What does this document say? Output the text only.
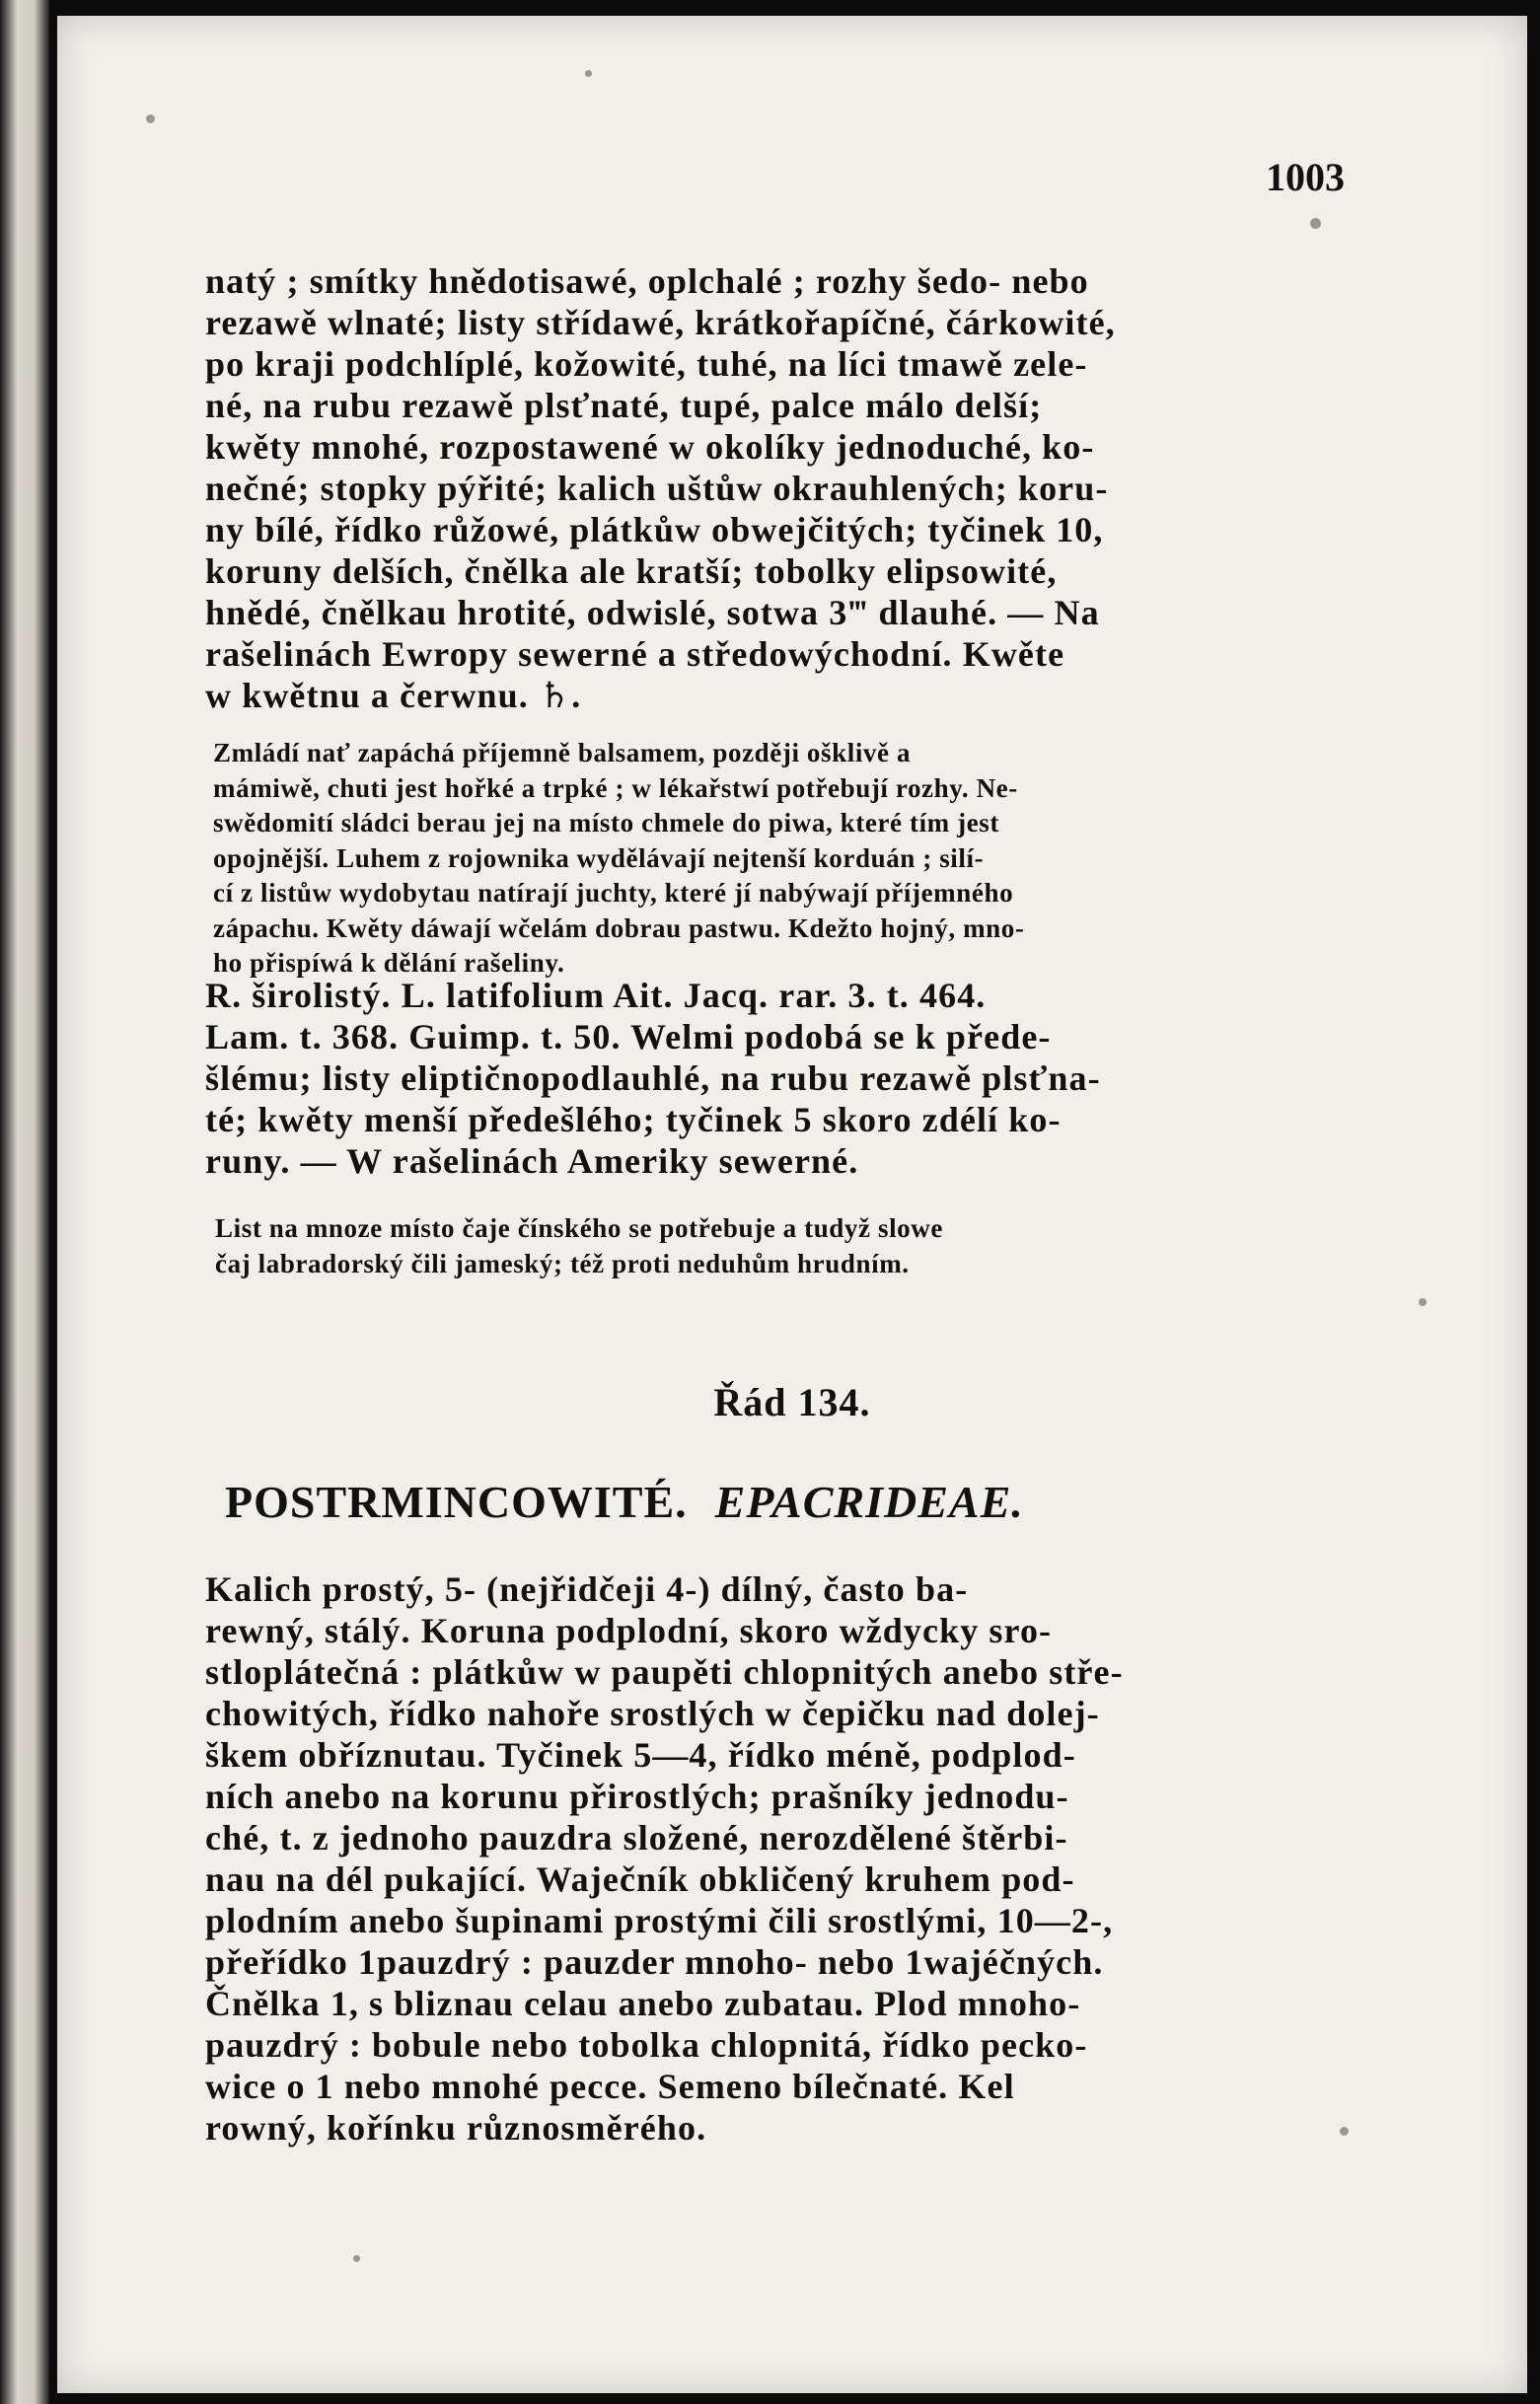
1003
natý ; smítky hnědotisawé, oplchalé ; rozhy šedo- nebo
rezawě wlnaté; listy střídawé, krátkořapíčné, čárkowité,
po kraji podchlíplé, kožowité, tuhé, na líci tmawě zele-
né, na rubu rezawě plsťnaté, tupé, palce málo delší;
kwěty mnohé, rozpostawené w okolíky jednoduché, ko-
nečné; stopky pýřité; kalich uštůw okrauhlených; koru-
ny bílé, řídko růžowé, plátkůw obwejčitých; tyčinek 10,
koruny delších, čnělka ale kratší; tobolky elipsowité,
hnědé, čnělkau hrotité, odwislé, sotwa 3‴ dlauhé. — Na
rašelinách Ewropy sewerné a středowýchodní. Kwěte
w kwětnu a čerwnu. ♄.
Zmládí nať zapáchá příjemně balsamem, později ošklivě a
mámiwě, chuti jest hořké a trpké ; w lékařstwí potřebují rozhy. Ne-
swědomití sládci berau jej na místo chmele do piwa, které tím jest
opojnější. Luhem z rojownika wydělávají nejtenší korduán ; silí-
cí z listůw wydobytau natírají juchty, které jí nabýwají příjemného
zápachu. Kwěty dáwají wčelám dobrau pastwu. Kdežto hojný, mno-
ho přispíwá k dělání rašeliny.
R. širolistý. L. latifolium Ait. Jacq. rar. 3. t. 464.
Lam. t. 368. Guimp. t. 50. Welmi podobá se k přede-
šlému; listy eliptičnopodlauhlé, na rubu rezawě plsťna-
té; kwěty menší předešlého; tyčinek 5 skoro zdélí ko-
runy. — W rašelinách Ameriky sewerné.
List na mnoze místo čaje čínského se potřebuje a tudyž slowe
čaj labradorský čili jameský; též proti neduhům hrudním.
Řád 134.
POSTRMINCOWITÉ. EPACRIDEAE.
Kalich prostý, 5- (nejřidčeji 4-) dílný, často ba-
rewný, stálý. Koruna podplodní, skoro wždycky sro-
stloplátečná : plátkůw w paupěti chlopnitých anebo stře-
chowitých, řídko nahoře srostlých w čepičku nad dolej-
škem obříznutau. Tyčinek 5—4, řídko méně, podplod-
ních anebo na korunu přirostlých; prašníky jednodu-
ché, t. z jednoho pauzdra složené, nerozdělené štěrbi-
nau na dél pukající. Waječník obkličený kruhem pod-
plodním anebo šupinami prostými čili srostlými, 10—2-,
přeřídko 1pauzdrý : pauzder mnoho- nebo 1wajéčných.
Čnělka 1, s bliznau celau anebo zubatau. Plod mnoho-
pauzdrý : bobule nebo tobolka chlopnitá, řídko pecko-
wice o 1 nebo mnohé pecce. Semeno bílečnaté. Kel
rowný, kořínku různosměrého.
